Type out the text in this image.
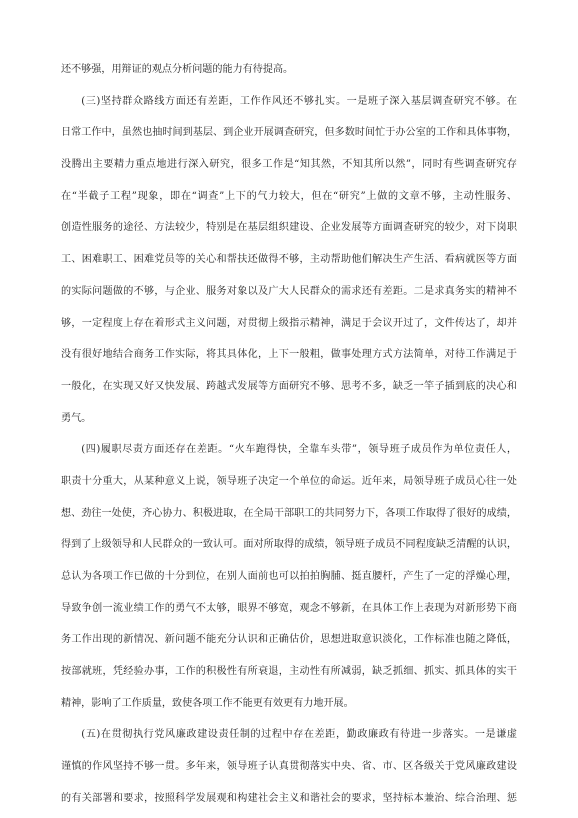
还不够强，用辩证的观点分析问题的能力有待提高。
(三)坚持群众路线方面还有差距，工作作风还不够扎实。一是班子深入基层调查研究不够。在
日常工作中，虽然也抽时间到基层、到企业开展调查研究，但多数时间忙于办公室的工作和具体事物，
没腾出主要精力重点地进行深入研究，很多工作是“知其然，不知其所以然”，同时有些调查研究存
在“半截子工程”现象，即在“调查”上下的气力较大，但在“研究”上做的文章不够，主动性服务、
创造性服务的途径、方法较少，特别是在基层组织建设、企业发展等方面调查研究的较少，对下岗职
工、困难职工、困难党员等的关心和帮扶还做得不够，主动帮助他们解决生产生活、看病就医等方面
的实际问题做的不够，与企业、服务对象以及广大人民群众的需求还有差距。二是求真务实的精神不
够，一定程度上存在着形式主义问题，对贯彻上级指示精神，满足于会议开过了，文件传达了，却并
没有很好地结合商务工作实际，将其具体化，上下一般粗，做事处理方式方法简单，对待工作满足于
一般化，在实现又好又快发展、跨越式发展等方面研究不够、思考不多，缺乏一竿子插到底的决心和
勇气。
(四)履职尽责方面还存在差距。“火车跑得快，全靠车头带”，领导班子成员作为单位责任人，
职责十分重大，从某种意义上说，领导班子决定一个单位的命运。近年来，局领导班子成员心往一处
想、劲往一处使，齐心协力、积极进取，在全局干部职工的共同努力下，各项工作取得了很好的成绩，
得到了上级领导和人民群众的一致认可。面对所取得的成绩，领导班子成员不同程度缺乏清醒的认识，
总认为各项工作已做的十分到位，在别人面前也可以拍拍胸脯、挺直腰杆，产生了一定的浮燥心理，
导致争创一流业绩工作的勇气不太够，眼界不够宽，观念不够新，在具体工作上表现为对新形势下商
务工作出现的新情况、新问题不能充分认识和正确估价，思想进取意识淡化，工作标准也随之降低，
按部就班，凭经验办事，工作的积极性有所衰退，主动性有所减弱，缺乏抓细、抓实、抓具体的实干
精神，影响了工作质量，致使各项工作不能更有效更有力地开展。
(五)在贯彻执行党风廉政建设责任制的过程中存在差距，勤政廉政有待进一步落实。一是谦虚
谨慎的作风坚持不够一贯。多年来，领导班子认真贯彻落实中央、省、市、区各级关于党风廉政建设
的有关部署和要求，按照科学发展观和构建社会主义和谐社会的要求，坚持标本兼治、综合治理、惩
